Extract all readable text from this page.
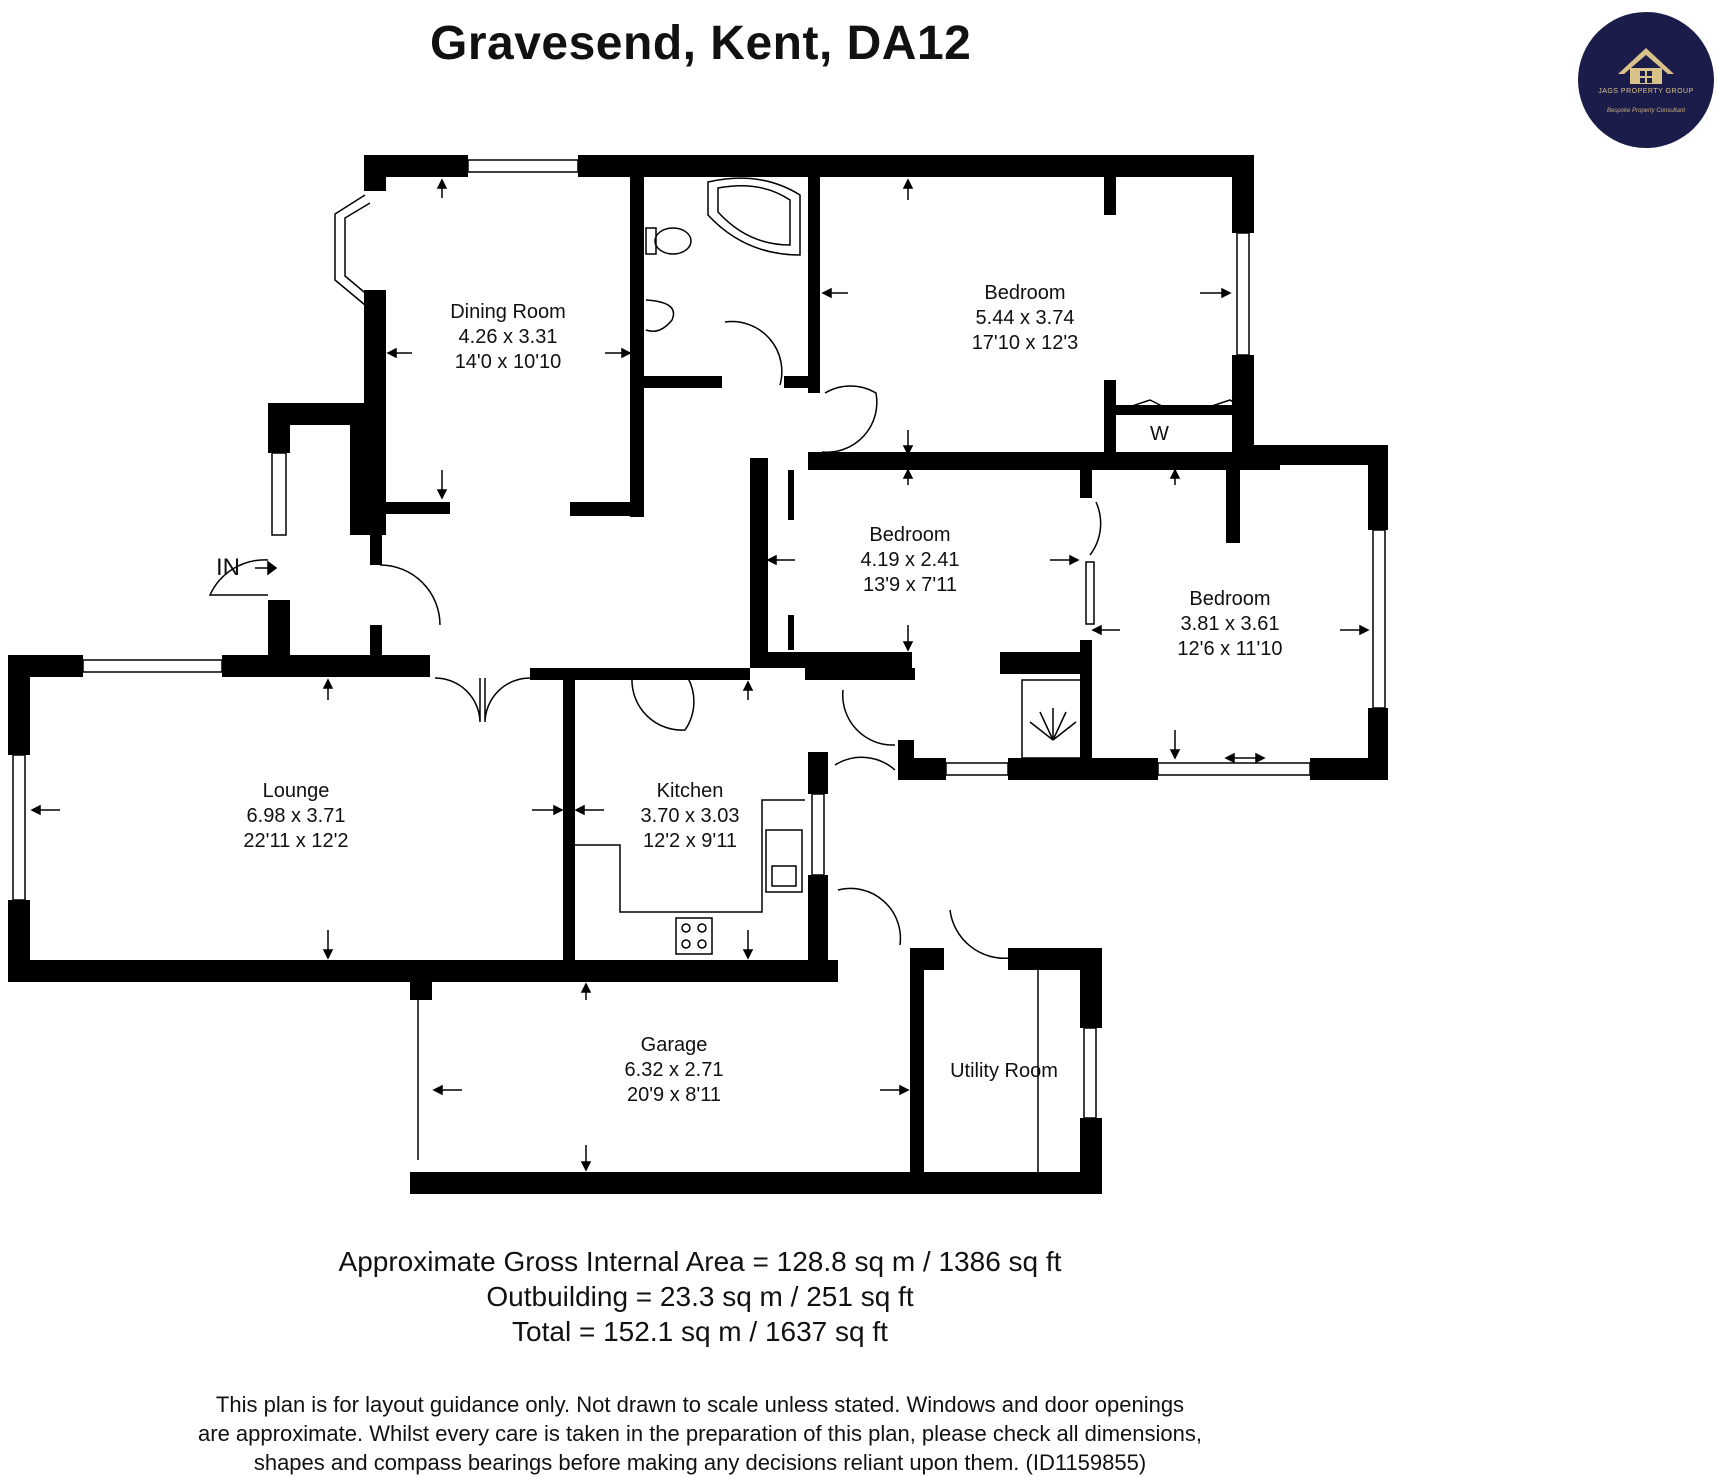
Gravesend, Kent, DA12
JAGS PROPERTY GROUP
Bespoke Property Consultant
Dining Room
4.26 x 3.31
14'0 x 10'10
Bedroom
5.44 x 3.74
17'10 x 12'3
Bedroom
4.19 x 2.41
13'9 x 7'11
Bedroom
3.81 x 3.61
12'6 x 11'10
Lounge
6.98 x 3.71
22'11 x 12'2
Kitchen
3.70 x 3.03
12'2 x 9'11
Garage
6.32 x 2.71
20'9 x 8'11
Utility Room
IN
W
Approximate Gross Internal Area = 128.8 sq m / 1386 sq ft
Outbuilding = 23.3 sq m / 251 sq ft
Total = 152.1 sq m / 1637 sq ft
This plan is for layout guidance only. Not drawn to scale unless stated. Windows and door openings
are approximate. Whilst every care is taken in the preparation of this plan, please check all dimensions,
shapes and compass bearings before making any decisions reliant upon them. (ID1159855)
